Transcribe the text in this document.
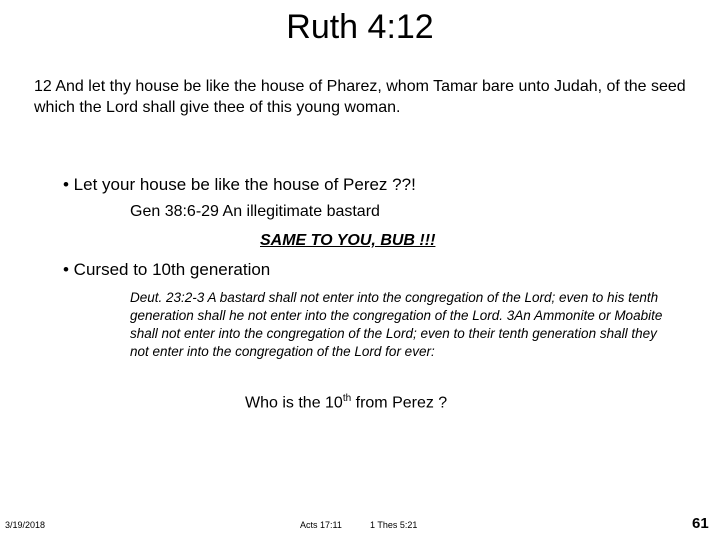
Ruth 4:12
12 And let thy house be like the house of Pharez, whom Tamar bare unto Judah, of the seed which the Lord shall give thee of this young woman.
• Let your house be like the house of Perez ??!
Gen 38:6-29 An illegitimate bastard
SAME TO YOU, BUB !!!
• Cursed to 10th generation
Deut. 23:2-3 A bastard shall not enter into the congregation of the Lord; even to his tenth generation shall he not enter into the congregation of the Lord. 3An Ammonite or Moabite shall not enter into the congregation of the Lord; even to their tenth generation shall they not enter into the congregation of the Lord for ever:
Who is the 10th from Perez ?
3/19/2018	Acts 17:11	1 Thes 5:21	61
